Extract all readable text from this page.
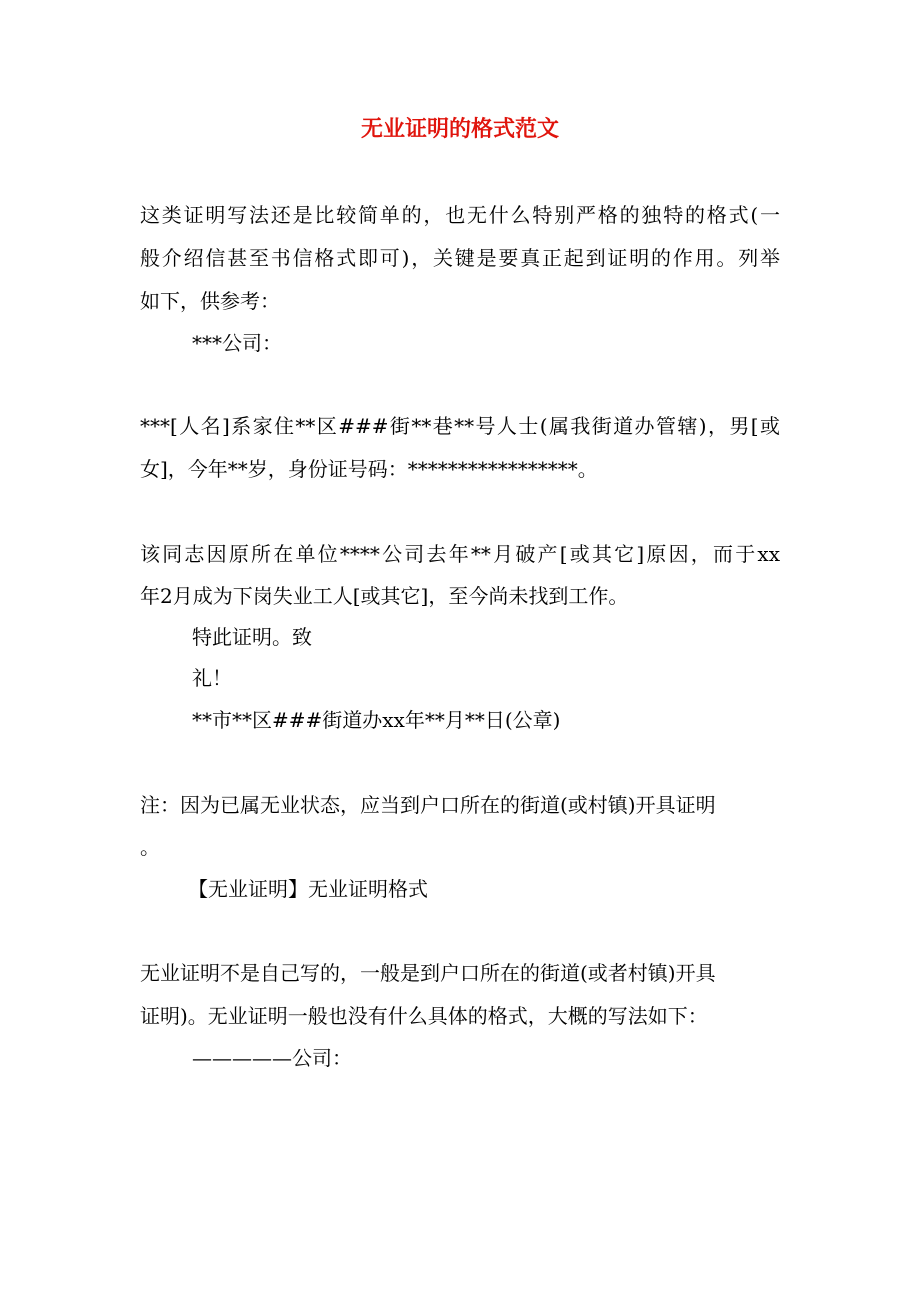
无业证明的格式范文
这类证明写法还是比较简单的，也无什么特别严格的独特的格式(一
般介绍信甚至书信格式即可)，关键是要真正起到证明的作用。列举
如下，供参考：
***公司：
***[人名]系家住**区###街**巷**号人士(属我街道办管辖)，男[或
女]，今年**岁，身份证号码：*****************。
该同志因原所在单位****公司去年**月破产[或其它]原因，而于xx
年2月成为下岗失业工人[或其它]，至今尚未找到工作。
特此证明。致
礼！
**市**区###街道办xx年**月**日(公章)
注：因为已属无业状态，应当到户口所在的街道(或村镇)开具证明
。
【无业证明】无业证明格式
无业证明不是自己写的，一般是到户口所在的街道(或者村镇)开具
证明)。无业证明一般也没有什么具体的格式，大概的写法如下：
—————公司：
